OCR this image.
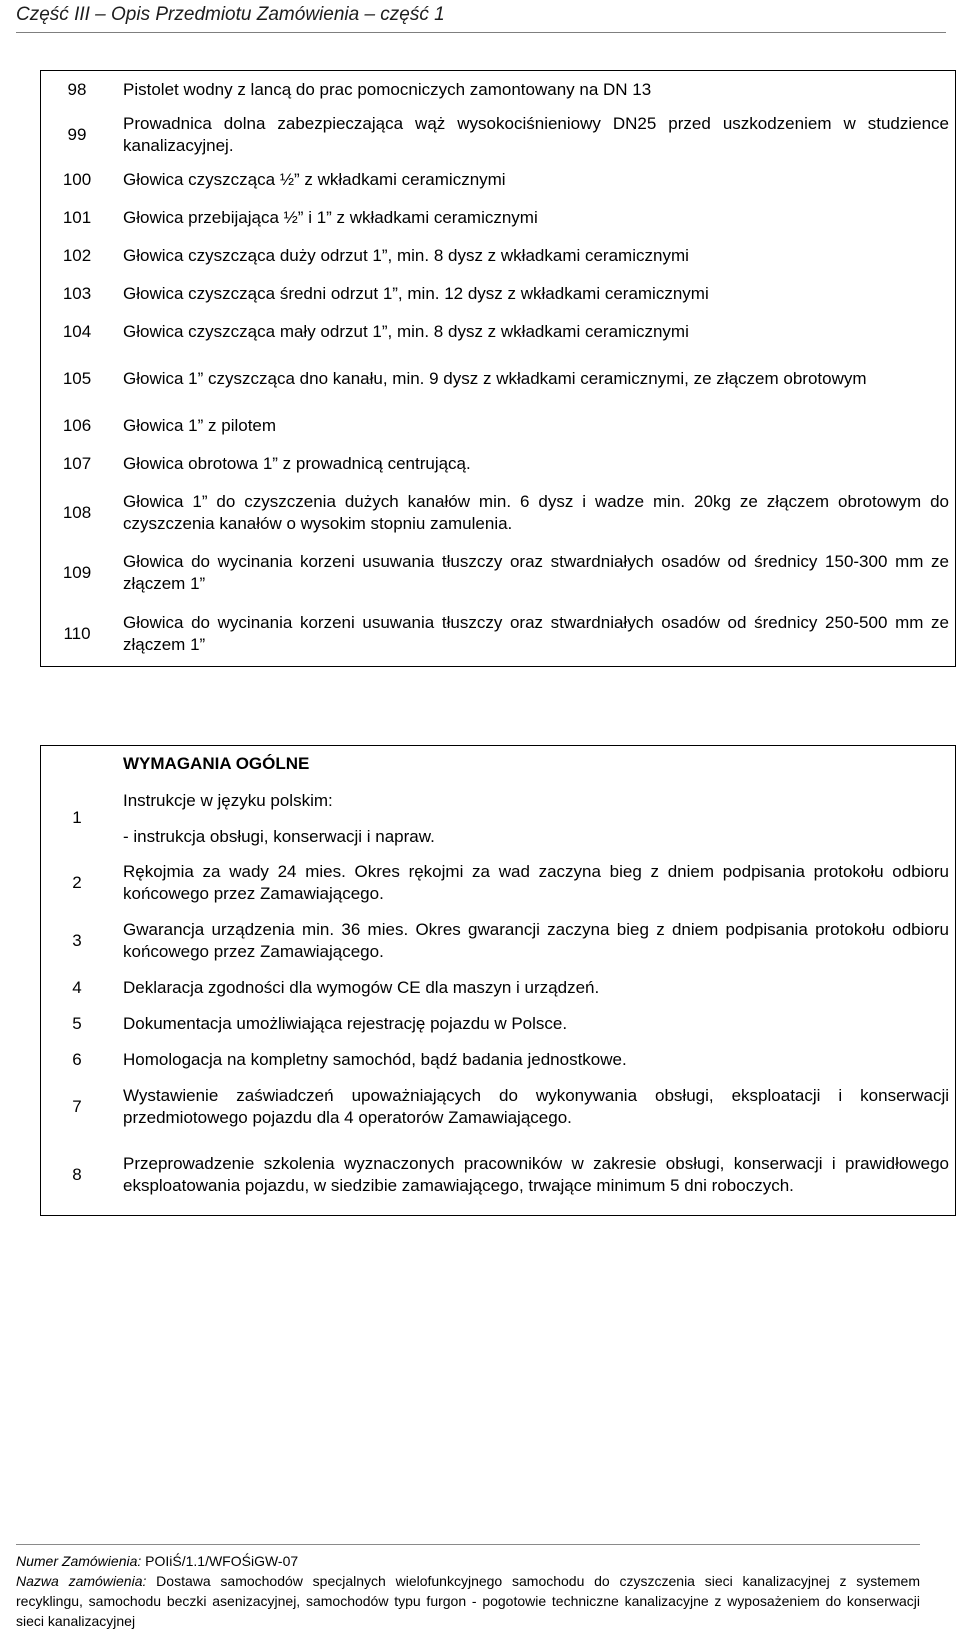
Część III – Opis Przedmiotu Zamówienia – część 1
98	Pistolet wodny z lancą do prac pomocniczych zamontowany na DN 13
99	Prowadnica dolna zabezpieczająca wąż wysokociśnieniowy DN25 przed uszkodzeniem w studzience kanalizacyjnej.
100	Głowica czyszcząca ½” z wkładkami ceramicznymi
101	Głowica przebijająca ½” i 1” z wkładkami ceramicznymi
102	Głowica czyszcząca duży odrzut 1”, min. 8 dysz z wkładkami ceramicznymi
103	Głowica czyszcząca średni odrzut 1”, min. 12 dysz z wkładkami ceramicznymi
104	Głowica czyszcząca mały odrzut 1”, min. 8 dysz z wkładkami ceramicznymi
105	Głowica 1” czyszcząca dno kanału, min. 9 dysz z wkładkami ceramicznymi, ze złączem obrotowym
106	Głowica 1” z pilotem
107	Głowica obrotowa 1” z prowadnicą centrującą.
108	Głowica 1” do czyszczenia dużych kanałów min. 6 dysz i wadze min. 20kg ze złączem obrotowym do czyszczenia kanałów o wysokim stopniu zamulenia.
109	Głowica do wycinania korzeni usuwania tłuszczy oraz stwardniałych osadów od średnicy 150-300 mm ze złączem 1”
110	Głowica do wycinania korzeni usuwania tłuszczy oraz stwardniałych osadów od średnicy 250-500 mm ze złączem 1”
	WYMAGANIA OGÓLNE
1	Instrukcje w języku polskim:
	- instrukcja obsługi, konserwacji i napraw.
2	Rękojmia za wady 24 mies. Okres rękojmi za wad zaczyna bieg z dniem podpisania protokołu odbioru końcowego przez Zamawiającego.
3	Gwarancja urządzenia min. 36 mies. Okres gwarancji zaczyna bieg z dniem podpisania protokołu odbioru końcowego przez Zamawiającego.
4	Deklaracja zgodności dla wymogów CE dla maszyn i urządzeń.
5	Dokumentacja umożliwiająca rejestrację pojazdu w Polsce.
6	Homologacja na kompletny samochód, bądź badania jednostkowe.
7	Wystawienie zaświadczeń upoważniających do wykonywania obsługi, eksploatacji i konserwacji przedmiotowego pojazdu dla 4 operatorów Zamawiającego.
8	Przeprowadzenie szkolenia wyznaczonych pracowników w zakresie obsługi, konserwacji i prawidłowego eksploatowania pojazdu, w siedzibie zamawiającego, trwające minimum 5 dni roboczych.

Numer Zamówienia: POIiŚ/1.1/WFOŚiGW-07

Nazwa zamówienia: Dostawa samochodów specjalnych wielofunkcyjnego samochodu do czyszczenia sieci kanalizacyjnej z systemem recyklingu, samochodu beczki asenizacyjnej, samochodów typu furgon - pogotowie techniczne kanalizacyjne z wyposażeniem do konserwacji sieci kanalizacyjnej
